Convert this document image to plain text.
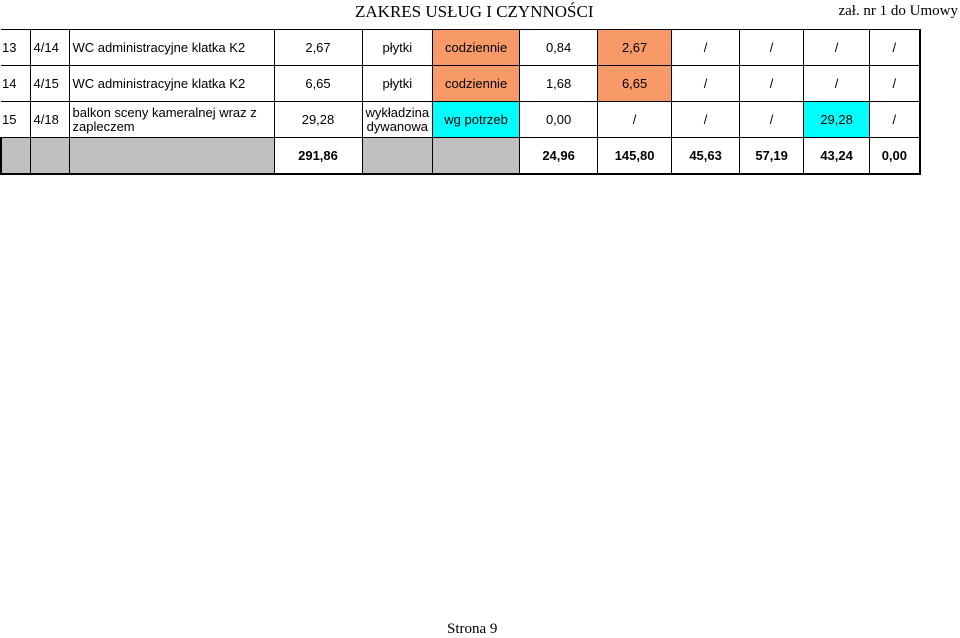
ZAKRES USŁUG I CZYNNOŚCI	zał. nr 1 do Umowy
13	4/14	WC administracyjne klatka K2	2,67	płytki	codziennie	0,84	2,67	/	/	/	/
14	4/15	WC administracyjne klatka K2	6,65	płytki	codziennie	1,68	6,65	/	/	/	/
15	4/18	balkon sceny kameralnej wraz z zapleczem	29,28	wykładzina dywanowa	wg potrzeb	0,00	/	/	/	29,28	/
			291,86			24,96	145,80	45,63	57,19	43,24	0,00
Strona 9
